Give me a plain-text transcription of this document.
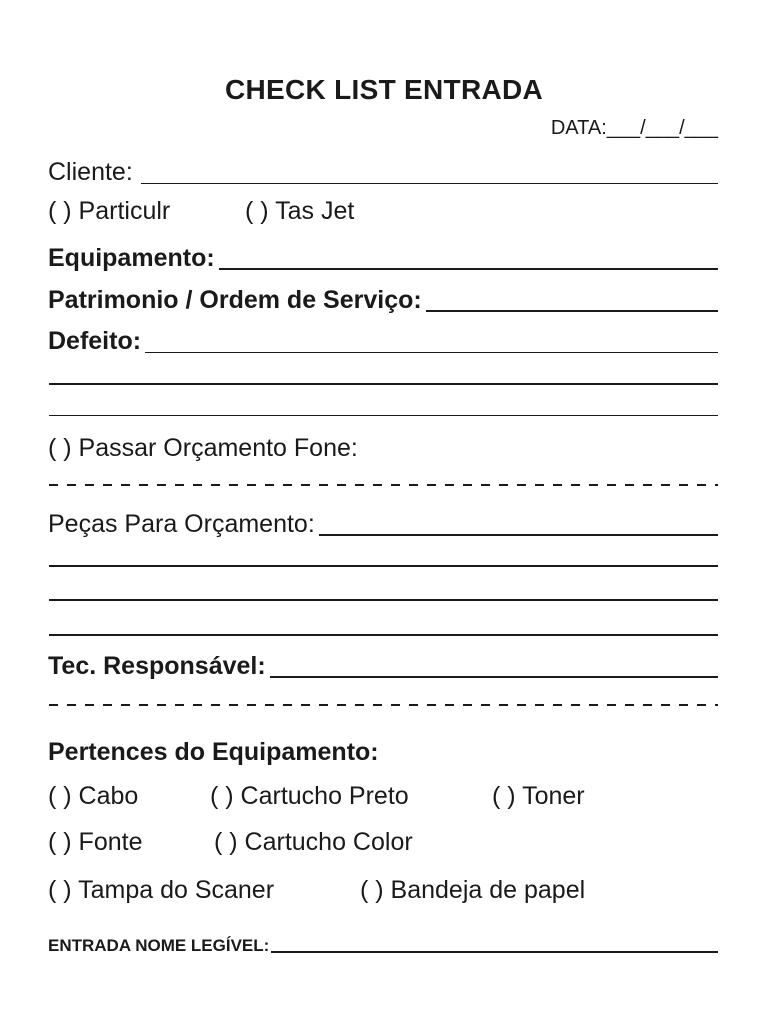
CHECK LIST ENTRADA
DATA:___/___/___
Cliente:
( ) Particulr	( ) Tas Jet
Equipamento:
Patrimonio / Ordem de Serviço:
Defeito:
( ) Passar Orçamento Fone:
Peças Para Orçamento:
Tec. Responsável:
Pertences do Equipamento:
( ) Cabo	( ) Cartucho Preto	( ) Toner
( ) Fonte	( ) Cartucho Color
( ) Tampa do Scaner	( ) Bandeja de papel
ENTRADA NOME LEGÍVEL:
